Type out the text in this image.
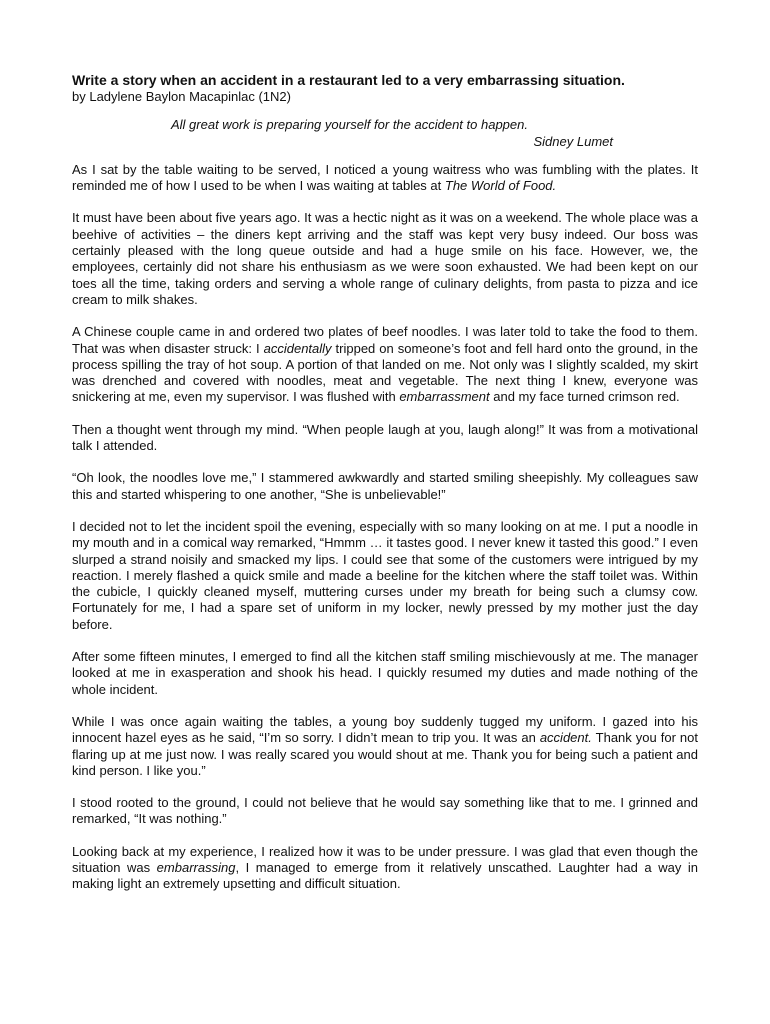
Write a story when an accident in a restaurant led to a very embarrassing situation.

by Ladylene Baylon Macapinlac (1N2)

All great work is preparing yourself for the accident to happen.
Sidney Lumet

As I sat by the table waiting to be served, I noticed a young waitress who was fumbling with the plates. It reminded me of how I used to be when I was waiting at tables at The World of Food.

It must have been about five years ago. It was a hectic night as it was on a weekend. The whole place was a beehive of activities – the diners kept arriving and the staff was kept very busy indeed. Our boss was certainly pleased with the long queue outside and had a huge smile on his face. However, we, the employees, certainly did not share his enthusiasm as we were soon exhausted. We had been kept on our toes all the time, taking orders and serving a whole range of culinary delights, from pasta to pizza and ice cream to milk shakes.

A Chinese couple came in and ordered two plates of beef noodles. I was later told to take the food to them. That was when disaster struck: I accidentally tripped on someone’s foot and fell hard onto the ground, in the process spilling the tray of hot soup. A portion of that landed on me. Not only was I slightly scalded, my skirt was drenched and covered with noodles, meat and vegetable. The next thing I knew, everyone was snickering at me, even my supervisor. I was flushed with embarrassment and my face turned crimson red.

Then a thought went through my mind. “When people laugh at you, laugh along!” It was from a motivational talk I attended.

“Oh look, the noodles love me,” I stammered awkwardly and started smiling sheepishly. My colleagues saw this and started whispering to one another, “She is unbelievable!”

I decided not to let the incident spoil the evening, especially with so many looking on at me. I put a noodle in my mouth and in a comical way remarked, “Hmmm … it tastes good. I never knew it tasted this good.” I even slurped a strand noisily and smacked my lips. I could see that some of the customers were intrigued by my reaction. I merely flashed a quick smile and made a beeline for the kitchen where the staff toilet was. Within the cubicle, I quickly cleaned myself, muttering curses under my breath for being such a clumsy cow. Fortunately for me, I had a spare set of uniform in my locker, newly pressed by my mother just the day before.

After some fifteen minutes, I emerged to find all the kitchen staff smiling mischievously at me. The manager looked at me in exasperation and shook his head. I quickly resumed my duties and made nothing of the whole incident.

While I was once again waiting the tables, a young boy suddenly tugged my uniform. I gazed into his innocent hazel eyes as he said, “I’m so sorry. I didn’t mean to trip you. It was an accident. Thank you for not flaring up at me just now. I was really scared you would shout at me. Thank you for being such a patient and kind person. I like you.”

I stood rooted to the ground, I could not believe that he would say something like that to me. I grinned and remarked, “It was nothing.”

Looking back at my experience, I realized how it was to be under pressure. I was glad that even though the situation was embarrassing, I managed to emerge from it relatively unscathed. Laughter had a way in making light an extremely upsetting and difficult situation.
